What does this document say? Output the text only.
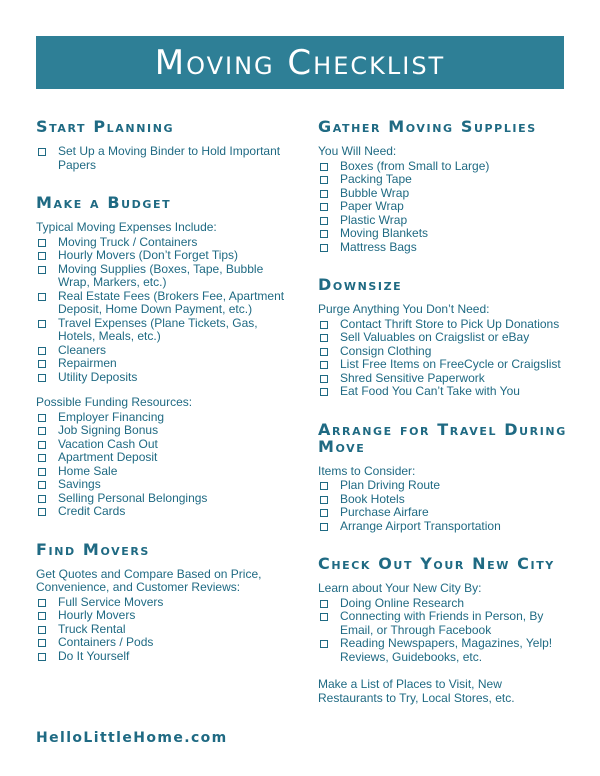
Moving Checklist
Start Planning
Set Up a Moving Binder to Hold Important Papers
Make a Budget
Typical Moving Expenses Include:
Moving Truck / Containers
Hourly Movers (Don’t Forget Tips)
Moving Supplies (Boxes, Tape, Bubble Wrap, Markers, etc.)
Real Estate Fees (Brokers Fee, Apartment Deposit, Home Down Payment, etc.)
Travel Expenses (Plane Tickets, Gas, Hotels, Meals, etc.)
Cleaners
Repairmen
Utility Deposits
Possible Funding Resources:
Employer Financing
Job Signing Bonus
Vacation Cash Out
Apartment Deposit
Home Sale
Savings
Selling Personal Belongings
Credit Cards
Find Movers
Get Quotes and Compare Based on Price, Convenience, and Customer Reviews:
Full Service Movers
Hourly Movers
Truck Rental
Containers / Pods
Do It Yourself
Gather Moving Supplies
You Will Need:
Boxes (from Small to Large)
Packing Tape
Bubble Wrap
Paper Wrap
Plastic Wrap
Moving Blankets
Mattress Bags
Downsize
Purge Anything You Don’t Need:
Contact Thrift Store to Pick Up Donations
Sell Valuables on Craigslist or eBay
Consign Clothing
List Free Items on FreeCycle or Craigslist
Shred Sensitive Paperwork
Eat Food You Can’t Take with You
Arrange for Travel During Move
Items to Consider:
Plan Driving Route
Book Hotels
Purchase Airfare
Arrange Airport Transportation
Check Out Your New City
Learn about Your New City By:
Doing Online Research
Connecting with Friends in Person, By Email, or Through Facebook
Reading Newspapers, Magazines, Yelp! Reviews, Guidebooks, etc.
Make a List of Places to Visit, New Restaurants to Try, Local Stores, etc.
HelloLittleHome.com
